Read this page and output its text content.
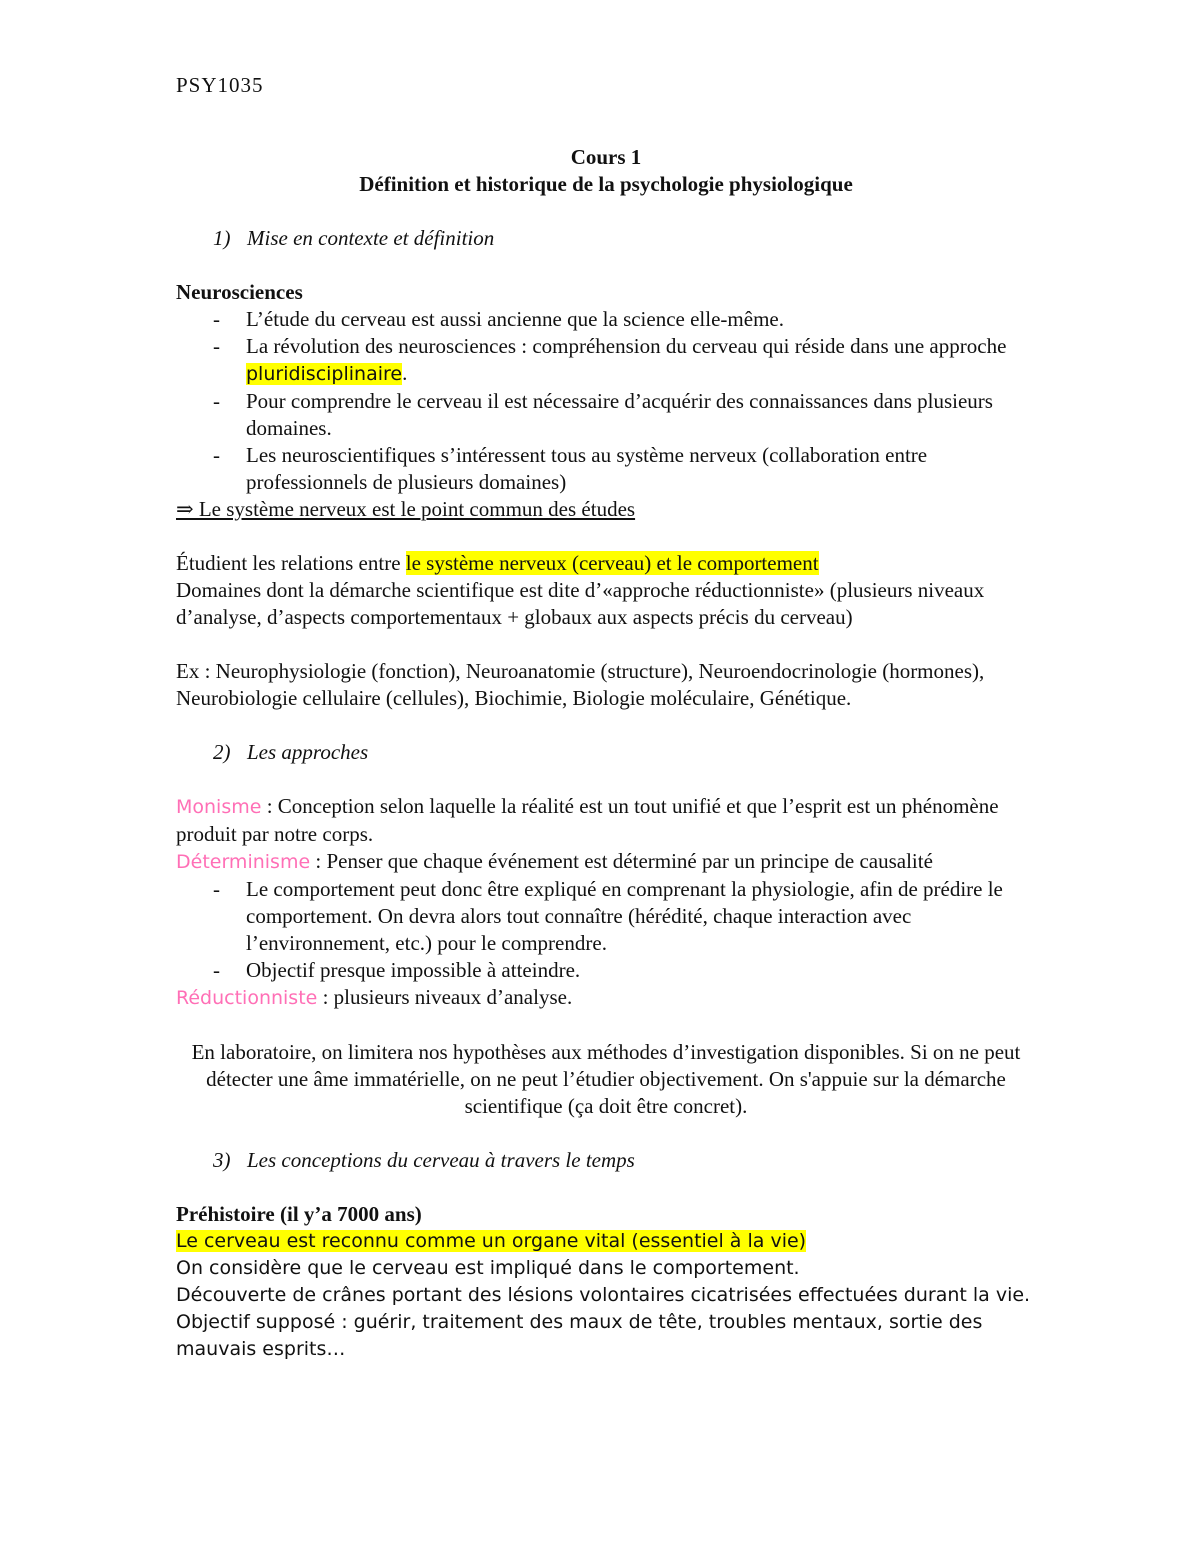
PSY1035

Cours 1

Définition et historique de la psychologie physiologique

1) Mise en contexte et définition

Neurosciences

- L’étude du cerveau est aussi ancienne que la science elle-même.
- La révolution des neurosciences : compréhension du cerveau qui réside dans une approche pluridisciplinaire.
- Pour comprendre le cerveau il est nécessaire d’acquérir des connaissances dans plusieurs domaines.
- Les neuroscientifiques s’intéressent tous au système nerveux (collaboration entre professionnels de plusieurs domaines)

⇒ Le système nerveux est le point commun des études

Étudient les relations entre le système nerveux (cerveau) et le comportement

Domaines dont la démarche scientifique est dite d’«approche réductionniste» (plusieurs niveaux d’analyse, d’aspects comportementaux + globaux aux aspects précis du cerveau)

Ex : Neurophysiologie (fonction), Neuroanatomie (structure), Neuroendocrinologie (hormones), Neurobiologie cellulaire (cellules), Biochimie, Biologie moléculaire, Génétique.

2) Les approches

Monisme : Conception selon laquelle la réalité est un tout unifié et que l’esprit est un phénomène produit par notre corps.

Déterminisme : Penser que chaque événement est déterminé par un principe de causalité

- Le comportement peut donc être expliqué en comprenant la physiologie, afin de prédire le comportement. On devra alors tout connaître (hérédité, chaque interaction avec l’environnement, etc.) pour le comprendre.
- Objectif presque impossible à atteindre.

Réductionniste : plusieurs niveaux d’analyse.

En laboratoire, on limitera nos hypothèses aux méthodes d’investigation disponibles. Si on ne peut détecter une âme immatérielle, on ne peut l’étudier objectivement. On s'appuie sur la démarche scientifique (ça doit être concret).

3) Les conceptions du cerveau à travers le temps

Préhistoire (il y’a 7000 ans)

Le cerveau est reconnu comme un organe vital (essentiel à la vie)

On considère que le cerveau est impliqué dans le comportement.

Découverte de crânes portant des lésions volontaires cicatrisées effectuées durant la vie.

Objectif supposé : guérir, traitement des maux de tête, troubles mentaux, sortie des mauvais esprits…
